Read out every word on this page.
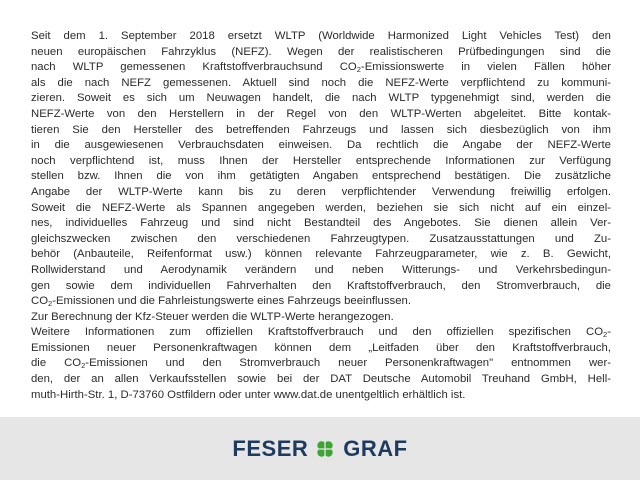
Seit dem 1. September 2018 ersetzt WLTP (Worldwide Harmonized Light Vehicles Test) den
neuen europäischen Fahrzyklus (NEFZ). Wegen der realistischeren Prüfbedingungen sind die
nach WLTP gemessenen Kraftstoffverbrauchsund $CO_2$-Emissionswerte in vielen Fällen höher
als die nach NEFZ gemessenen. Aktuell sind noch die NEFZ-Werte verpflichtend zu kommuni-
zieren. Soweit es sich um Neuwagen handelt, die nach WLTP typgenehmigt sind, werden die
NEFZ-Werte von den Herstellern in der Regel von den WLTP-Werten abgeleitet. Bitte kontak-
tieren Sie den Hersteller des betreffenden Fahrzeugs und lassen sich diesbezüglich von ihm
in die ausgewiesenen Verbrauchsdaten einweisen. Da rechtlich die Angabe der NEFZ-Werte
noch verpflichtend ist, muss Ihnen der Hersteller entsprechende Informationen zur Verfügung
stellen bzw. Ihnen die von ihm getätigten Angaben entsprechend bestätigen. Die zusätzliche
Angabe der WLTP-Werte kann bis zu deren verpflichtender Verwendung freiwillig erfolgen.
Soweit die NEFZ-Werte als Spannen angegeben werden, beziehen sie sich nicht auf ein einzel-
nes, individuelles Fahrzeug und sind nicht Bestandteil des Angebotes. Sie dienen allein Ver-
gleichszwecken zwischen den verschiedenen Fahrzeugtypen. Zusatzausstattungen und Zu-
behör (Anbauteile, Reifenformat usw.) können relevante Fahrzeugparameter, wie z. B. Gewicht,
Rollwiderstand und Aerodynamik verändern und neben Witterungs- und Verkehrsbedingun-
gen sowie dem individuellen Fahrverhalten den Kraftstoffverbrauch, den Stromverbrauch, die
$CO_2$-Emissionen und die Fahrleistungswerte eines Fahrzeugs beeinflussen.
Zur Berechnung der Kfz-Steuer werden die WLTP-Werte herangezogen.
Weitere Informationen zum offiziellen Kraftstoffverbrauch und den offiziellen spezifischen $CO_2-$
Emissionen neuer Personenkraftwagen können dem „Leitfaden über den Kraftstoffverbrauch,
die $CO_2$-Emissionen und den Stromverbrauch neuer Personenkraftwagen" entnommen wer-
den, der an allen Verkaufsstellen sowie bei der DAT Deutsche Automobil Treuhand GmbH, Hell-
muth-Hirth-Str. 1, D-73760 Ostfildern oder unter www.dat.de unentgeltlich erhältlich ist.
FESER GRAF
